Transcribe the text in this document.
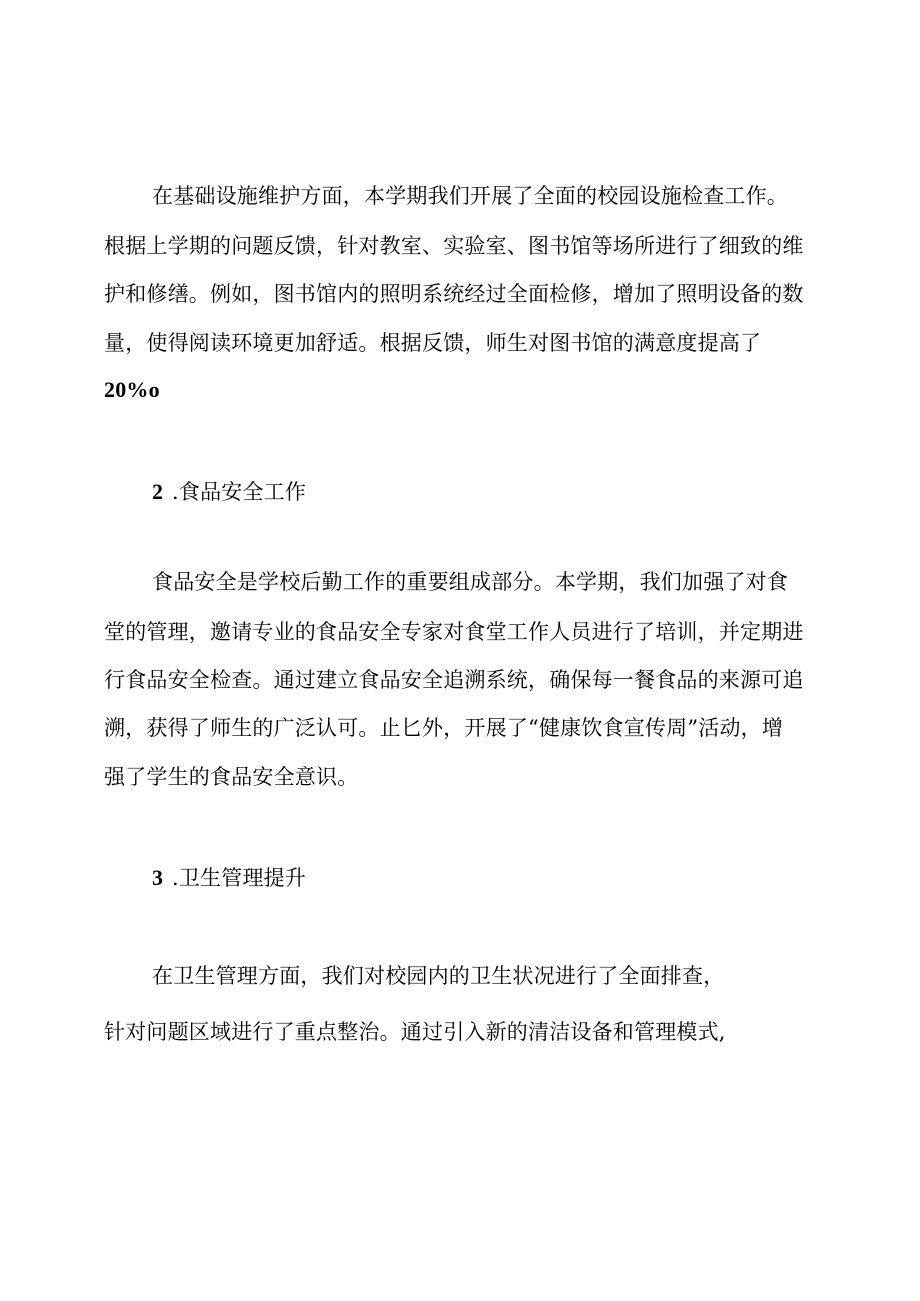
在基础设施维护方面，本学期我们开展了全面的校园设施检查工作。
根据上学期的问题反馈，针对教室、实验室、图书馆等场所进行了细致的维
护和修缮。例如，图书馆内的照明系统经过全面检修，增加了照明设备的数
量，使得阅读环境更加舒适。根据反馈，师生对图书馆的满意度提高了
20%o
2 .食品安全工作
食品安全是学校后勤工作的重要组成部分。本学期，我们加强了对食
堂的管理，邀请专业的食品安全专家对食堂工作人员进行了培训，并定期进
行食品安全检查。通过建立食品安全追溯系统，确保每一餐食品的来源可追
溯，获得了师生的广泛认可。止匕外，开展了“健康饮食宣传周”活动，增
强了学生的食品安全意识。
3 .卫生管理提升
在卫生管理方面，我们对校园内的卫生状况进行了全面排查，
针对问题区域进行了重点整治。通过引入新的清洁设备和管理模式,
